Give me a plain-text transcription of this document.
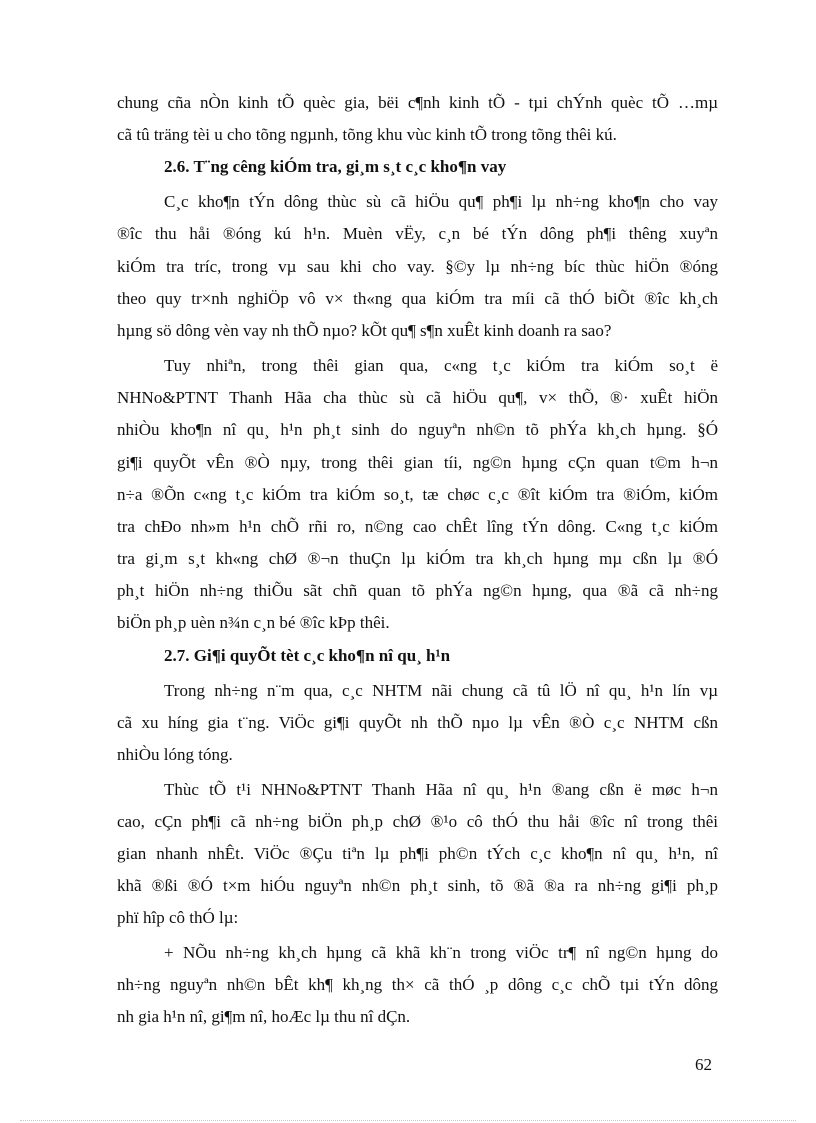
chung cña nÒn kinh tÕ quèc gia, bëi c¶nh kinh tÕ - tµi chÝnh quèc tÕ …mµ
cã tû träng tèi u cho tõng ngµnh, tõng khu vùc kinh tÕ trong tõng thêi kú.
2.6. T¨ng cêng kiÓm tra, gi¸m s¸t c¸c kho¶n vay
C¸c kho¶n tÝn dông thùc sù cã hiÖu qu¶ ph¶i lµ nh÷ng kho¶n cho vay
®îc thu håi ®óng kú h¹n. Muèn vËy, c¸n bé tÝn dông ph¶i thêng xuyªn
kiÓm tra tríc, trong vµ sau khi cho vay. §©y lµ nh÷ng bíc thùc hiÖn ®óng
theo quy tr×nh nghiÖp vô v× th«ng qua kiÓm tra míi cã thÓ biÕt ®îc kh¸ch
hµng sö dông vèn vay nh thÕ nµo? kÕt qu¶ s¶n xuÊt kinh doanh ra sao?
Tuy nhiªn, trong thêi gian qua, c«ng t¸c kiÓm tra kiÓm so¸t ë
NHNo&PTNT Thanh Hãa cha thùc sù cã hiÖu qu¶, v× thÕ, ®· xuÊt hiÖn
nhiÒu kho¶n nî qu¸ h¹n ph¸t sinh do nguyªn nh©n tõ phÝa kh¸ch hµng. §Ó
gi¶i quyÕt vÊn ®Ò nµy, trong thêi gian tíi, ng©n hµng cÇn quan t©m h¬n
n÷a ®Õn c«ng t¸c kiÓm tra kiÓm so¸t, tæ chøc c¸c ®ît kiÓm tra ®iÓm, kiÓm
tra chÐo nh»m h¹n chÕ rñi ro, n©ng cao chÊt lîng tÝn dông. C«ng t¸c kiÓm
tra gi¸m s¸t kh«ng chØ ®¬n thuÇn lµ kiÓm tra kh¸ch hµng mµ cßn lµ ®Ó
ph¸t hiÖn nh÷ng thiÕu sãt chñ quan tõ phÝa ng©n hµng, qua ®ã cã nh÷ng
biÖn ph¸p uèn n¾n c¸n bé ®îc kÞp thêi.
2.7. Gi¶i quyÕt tèt c¸c kho¶n nî qu¸ h¹n
Trong nh÷ng n¨m qua, c¸c NHTM nãi chung cã tû lÖ nî qu¸ h¹n lín vµ
cã xu híng gia t¨ng. ViÖc gi¶i quyÕt nh thÕ nµo lµ vÊn ®Ò c¸c NHTM cßn
nhiÒu lóng tóng.
Thùc tÕ t¹i NHNo&PTNT Thanh Hãa nî qu¸ h¹n ®ang cßn ë møc h¬n
cao, cÇn ph¶i cã nh÷ng biÖn ph¸p chØ ®¹o cô thÓ thu håi ®îc nî trong thêi
gian nhanh nhÊt. ViÖc ®Çu tiªn lµ ph¶i ph©n tÝch c¸c kho¶n nî qu¸ h¹n, nî
khã ®ßi ®Ó t×m hiÓu nguyªn nh©n ph¸t sinh, tõ ®ã ®a ra nh÷ng gi¶i ph¸p
phï hîp cô thÓ lµ:
+ NÕu nh÷ng kh¸ch hµng cã khã kh¨n trong viÖc tr¶ nî ng©n hµng do
nh÷ng nguyªn nh©n bÊt kh¶ kh¸ng th× cã thÓ ¸p dông c¸c chÕ tµi tÝn dông
nh gia h¹n nî, gi¶m nî, hoÆc lµ thu nî dÇn.
62
